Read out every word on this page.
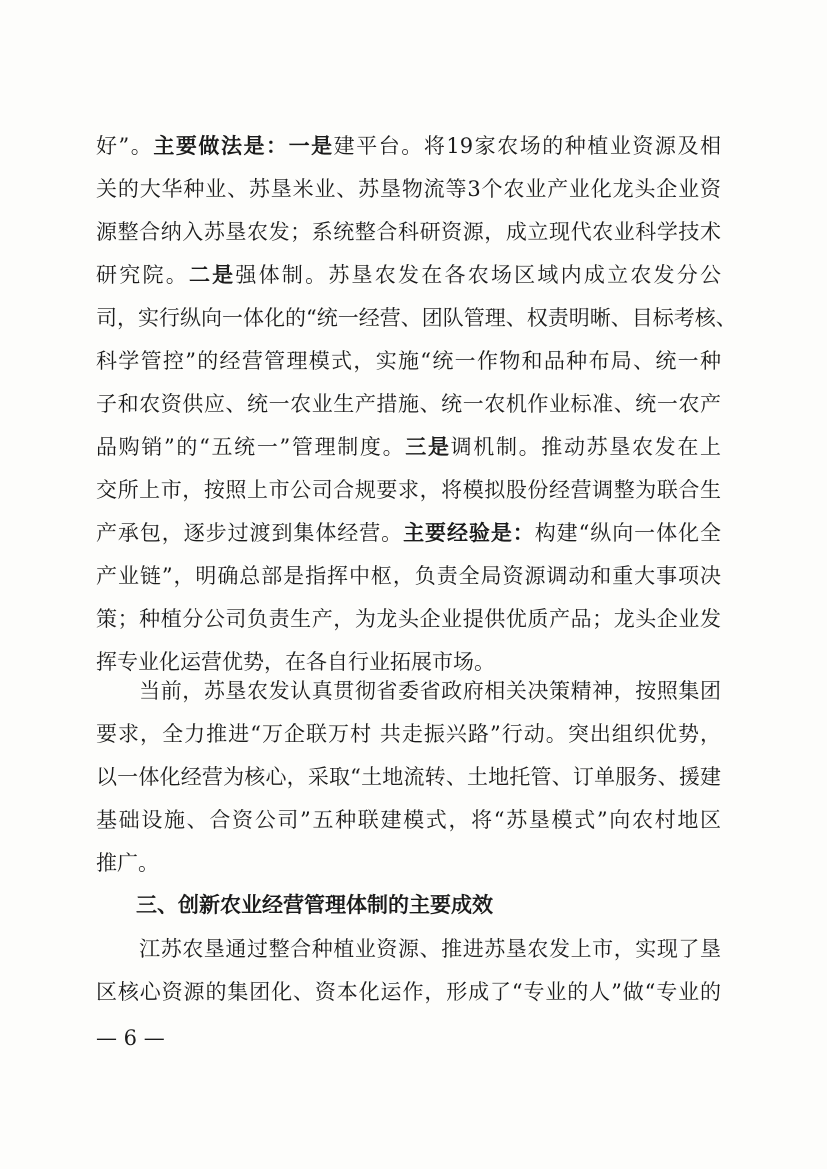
好”。主要做法是：一是建平台。将19家农场的种植业资源及相
关的大华种业、苏垦米业、苏垦物流等3个农业产业化龙头企业资
源整合纳入苏垦农发；系统整合科研资源，成立现代农业科学技术
研究院。二是强体制。苏垦农发在各农场区域内成立农发分公
司，实行纵向一体化的“统一经营、团队管理、权责明晰、目标考核、
科学管控”的经营管理模式，实施“统一作物和品种布局、统一种
子和农资供应、统一农业生产措施、统一农机作业标准、统一农产
品购销”的“五统一”管理制度。三是调机制。推动苏垦农发在上
交所上市，按照上市公司合规要求，将模拟股份经营调整为联合生
产承包，逐步过渡到集体经营。主要经验是：构建“纵向一体化全
产业链”，明确总部是指挥中枢，负责全局资源调动和重大事项决
策；种植分公司负责生产，为龙头企业提供优质产品；龙头企业发
挥专业化运营优势，在各自行业拓展市场。
　　当前，苏垦农发认真贯彻省委省政府相关决策精神，按照集团
要求，全力推进“万企联万村 共走振兴路”行动。突出组织优势，
以一体化经营为核心，采取“土地流转、土地托管、订单服务、援建
基础设施、合资公司”五种联建模式，将“苏垦模式”向农村地区
推广。
三、创新农业经营管理体制的主要成效
　　江苏农垦通过整合种植业资源、推进苏垦农发上市，实现了垦
区核心资源的集团化、资本化运作，形成了“专业的人”做“专业的
— 6 —
